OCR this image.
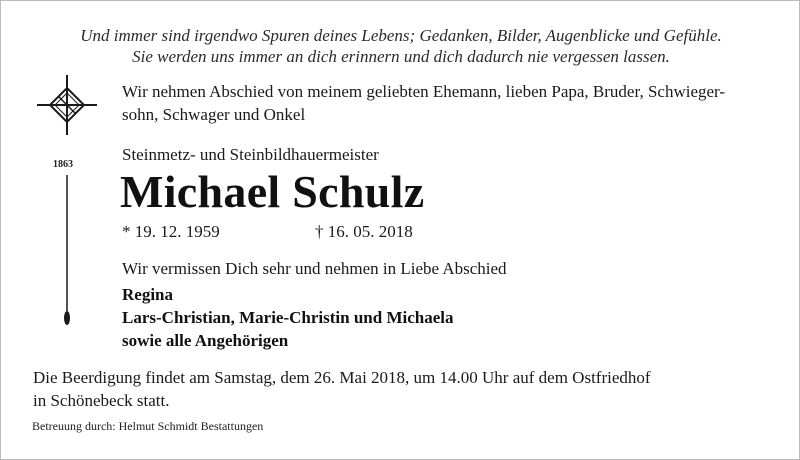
Und immer sind irgendwo Spuren deines Lebens; Gedanken, Bilder, Augenblicke und Gefühle.
Sie werden uns immer an dich erinnern und dich dadurch nie vergessen lassen.
1863
Wir nehmen Abschied von meinem geliebten Ehemann, lieben Papa, Bruder, Schwieger-
sohn, Schwager und Onkel
Steinmetz- und Steinbildhauermeister
Michael Schulz
* 19. 12. 1959	† 16. 05. 2018
Wir vermissen Dich sehr und nehmen in Liebe Abschied
Regina
Lars-Christian, Marie-Christin und Michaela
sowie alle Angehörigen
Die Beerdigung findet am Samstag, dem 26. Mai 2018, um 14.00 Uhr auf dem Ostfriedhof
in Schönebeck statt.
Betreuung durch: Helmut Schmidt Bestattungen
